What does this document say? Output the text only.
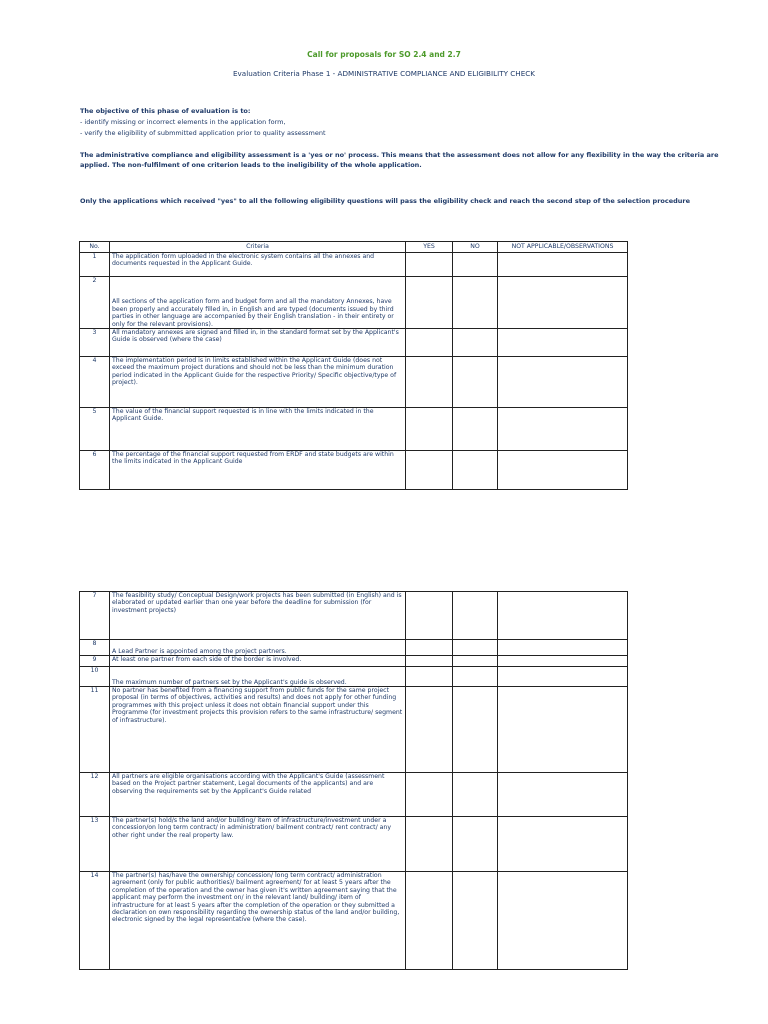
Call for proposals for SO 2.4 and 2.7
Evaluation Criteria Phase 1 - ADMINISTRATIVE COMPLIANCE AND ELIGIBILITY CHECK
The objective of this phase of evaluation is to:
- identify missing or incorrect elements in the application form,
- verify the eligibility of submmitted application prior to quality assessment
The administrative compliance and eligibility assessment is a 'yes or no' process. This means that the assessment does not allow for any flexibility in the way the criteria are applied. The non-fulfilment of one criterion leads to the ineligibility of the whole application.
Only the applications which received "yes" to all the following eligibility questions will pass the eligibility check and reach the second step of the selection procedure
No.	Criteria	YES	NO	NOT APPLICABLE/OBSERVATIONS
1	The application form uploaded in the electronic system contains all the annexes and documents requested in the Applicant Guide.			
2	All sections of the application form and budget form and all the mandatory Annexes, have been properly and accurately filled in, in English and are typed (documents issued by third parties in other language are accompanied by their English translation - in their entirety or only for the relevant provisions).			
3	All mandatory annexes are signed and filled in, in the standard format set by the Applicant's Guide is observed (where the case)			
4	The implementation period is in limits established within the Applicant Guide (does not exceed the maximum project durations and should not be less than the minimum duration period indicated in the Applicant Guide for the respective Priority/ Specific objective/type of project).			
5	The value of the financial support requested is in line with the limits indicated in the Applicant Guide.			
6	The percentage of the financial support requested from ERDF and state budgets are within the limits indicated in the Applicant Guide			
7	The feasibility study/ Conceptual Design/work projects has been submitted (in English) and is elaborated or updated earlier than one year before the deadline for submission (for investment projects)			
8	A Lead Partner is appointed among the project partners.			
9	At least one partner from each side of the border is involved.			
10	The maximum number of partners set by the Applicant's guide is observed.			
11	No partner has benefited from a financing support from public funds for the same project proposal (in terms of objectives, activities and results) and does not apply for other funding programmes with this project unless it does not obtain financial support under this Programme (for investment projects this provision refers to the same infrastructure/ segment of infrastructure).			
12	All partners are eligible organisations according with the Applicant's Guide (assessment based on the Project partner statement, Legal documents of the applicants) and are observing the requirements set by the Applicant's Guide related			
13	The partner(s) hold/s the land and/or building/ item of infrastructure/investment under a concession/on long term contract/ in administration/ bailment contract/ rent contract/ any other right under the real property law.			
14	The partner(s) has/have the ownership/ concession/ long term contract/ administration agreement (only for public authorities)/ bailment agreement/ for at least 5 years after the completion of the operation and the owner has given it's written agreement saying that the applicant may perform the investment on/ in the relevant land/ building/ item of infrastructure for at least 5 years after the completion of the operation or they submitted a declaration on own responsibility regarding the ownership status of the land and/or building, electronic signed by the legal representative (where the case).			
